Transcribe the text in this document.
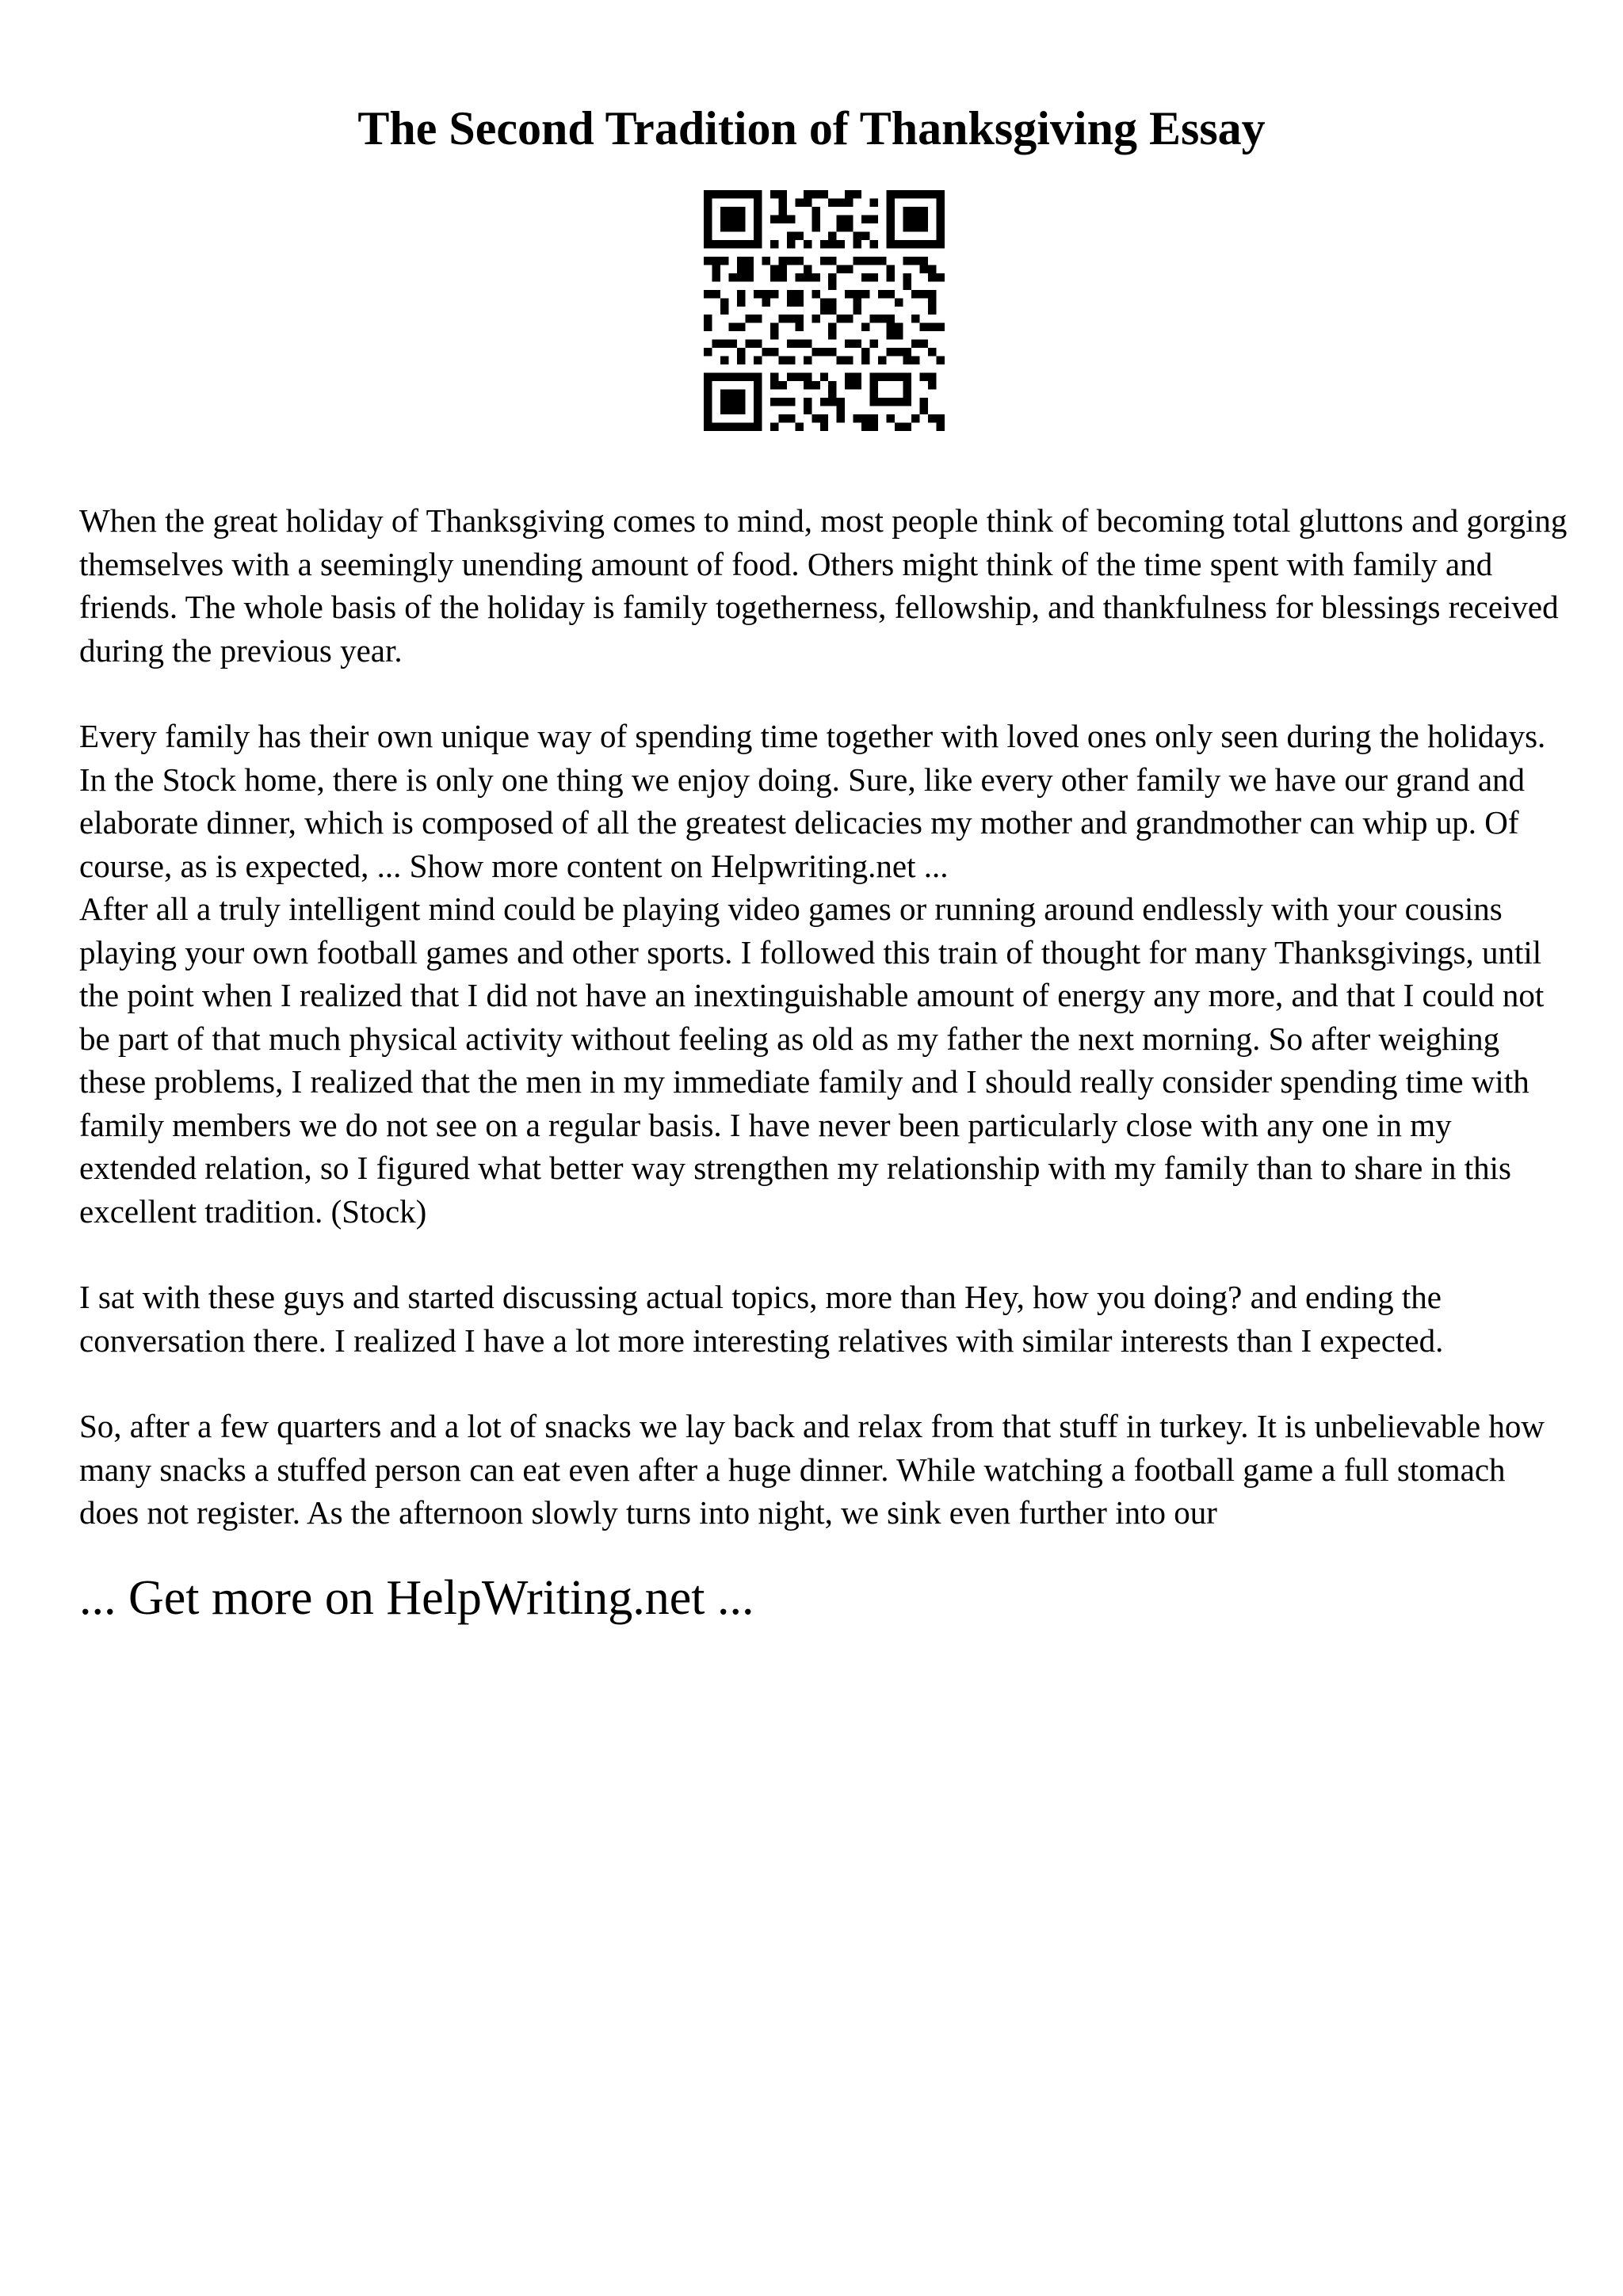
The Second Tradition of Thanksgiving Essay

When the great holiday of Thanksgiving comes to mind, most people think of becoming total gluttons and gorging themselves with a seemingly unending amount of food. Others might think of the time spent with family and friends. The whole basis of the holiday is family togetherness, fellowship, and thankfulness for blessings received during the previous year.

Every family has their own unique way of spending time together with loved ones only seen during the holidays. In the Stock home, there is only one thing we enjoy doing. Sure, like every other family we have our grand and elaborate dinner, which is composed of all the greatest delicacies my mother and grandmother can whip up. Of course, as is expected, ... Show more content on Helpwriting.net ...

After all a truly intelligent mind could be playing video games or running around endlessly with your cousins playing your own football games and other sports. I followed this train of thought for many Thanksgivings, until the point when I realized that I did not have an inextinguishable amount of energy any more, and that I could not be part of that much physical activity without feeling as old as my father the next morning. So after weighing these problems, I realized that the men in my immediate family and I should really consider spending time with family members we do not see on a regular basis. I have never been particularly close with any one in my extended relation, so I figured what better way strengthen my relationship with my family than to share in this excellent tradition. (Stock)

I sat with these guys and started discussing actual topics, more than Hey, how you doing? and ending the conversation there. I realized I have a lot more interesting relatives with similar interests than I expected.

So, after a few quarters and a lot of snacks we lay back and relax from that stuff in turkey. It is unbelievable how many snacks a stuffed person can eat even after a huge dinner. While watching a football game a full stomach does not register. As the afternoon slowly turns into night, we sink even further into our

... Get more on HelpWriting.net ...
